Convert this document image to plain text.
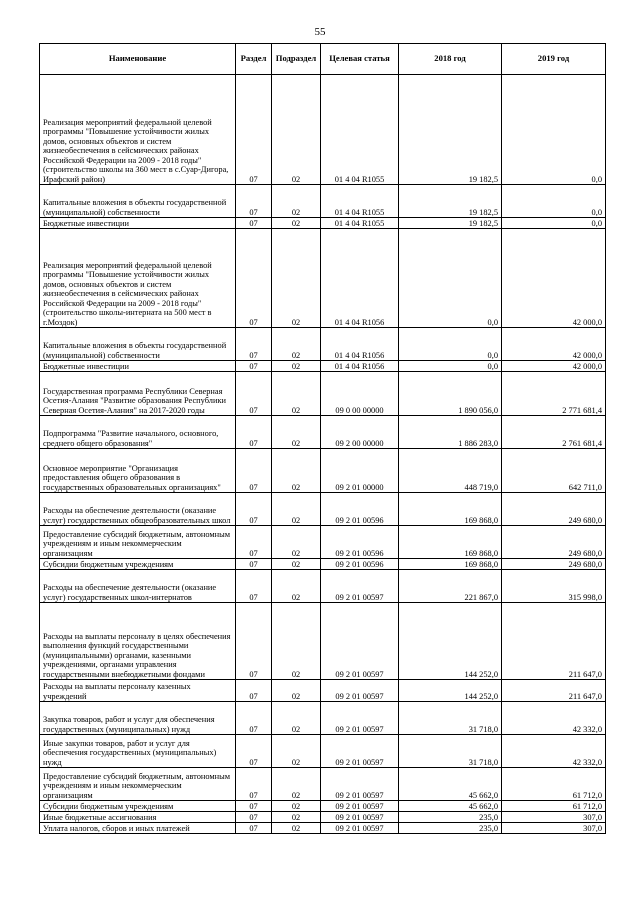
55
Наименование	Раздел	Подраздел	Целевая статья	2018 год	2019 год
Реализация мероприятий федеральной целевой программы "Повышение устойчивости жилых домов, основных объектов и систем жизнеобеспечения в сейсмических районах Российской Федерации на 2009 - 2018 годы" (строительство школы на 360 мест в с.Суар-Дигора, Ирафский район)	07	02	01 4 04 R1055	19 182,5	0,0
Капитальные вложения в объекты государственной (муниципальной) собственности	07	02	01 4 04 R1055	19 182,5	0,0
Бюджетные инвестиции	07	02	01 4 04 R1055	19 182,5	0,0
Реализация мероприятий федеральной целевой программы "Повышение устойчивости жилых домов, основных объектов и систем жизнеобеспечения в сейсмических районах Российской Федерации на 2009 - 2018 годы" (строительство школы-интерната на 500 мест в г.Моздок)	07	02	01 4 04 R1056	0,0	42 000,0
Капитальные вложения в объекты государственной (муниципальной) собственности	07	02	01 4 04 R1056	0,0	42 000,0
Бюджетные инвестиции	07	02	01 4 04 R1056	0,0	42 000,0
Государственная программа Республики Северная Осетия-Алания "Развитие образования Республики Северная Осетия-Алания" на 2017-2020 годы	07	02	09 0 00 00000	1 890 056,0	2 771 681,4
Подпрограмма "Развитие начального, основного, среднего общего образования"	07	02	09 2 00 00000	1 886 283,0	2 761 681,4
Основное мероприятие "Организация предоставления общего образования в государственных образовательных организациях"	07	02	09 2 01 00000	448 719,0	642 711,0
Расходы на обеспечение деятельности (оказание услуг) государственных общеобразовательных школ	07	02	09 2 01 00596	169 868,0	249 680,0
Предоставление субсидий бюджетным, автономным учреждениям и иным некоммерческим организациям	07	02	09 2 01 00596	169 868,0	249 680,0
Субсидии бюджетным учреждениям	07	02	09 2 01 00596	169 868,0	249 680,0
Расходы на обеспечение деятельности (оказание услуг) государственных школ-интернатов	07	02	09 2 01 00597	221 867,0	315 998,0
Расходы на выплаты персоналу в целях обеспечения выполнения функций государственными (муниципальными) органами, казенными учреждениями, органами управления государственными внебюджетными фондами	07	02	09 2 01 00597	144 252,0	211 647,0
Расходы на выплаты персоналу казенных учреждений	07	02	09 2 01 00597	144 252,0	211 647,0
Закупка товаров, работ и услуг для обеспечения государственных (муниципальных) нужд	07	02	09 2 01 00597	31 718,0	42 332,0
Иные закупки товаров, работ и услуг для обеспечения государственных (муниципальных) нужд	07	02	09 2 01 00597	31 718,0	42 332,0
Предоставление субсидий бюджетным, автономным учреждениям и иным некоммерческим организациям	07	02	09 2 01 00597	45 662,0	61 712,0
Субсидии бюджетным учреждениям	07	02	09 2 01 00597	45 662,0	61 712,0
Иные бюджетные ассигнования	07	02	09 2 01 00597	235,0	307,0
Уплата налогов, сборов и иных платежей	07	02	09 2 01 00597	235,0	307,0
